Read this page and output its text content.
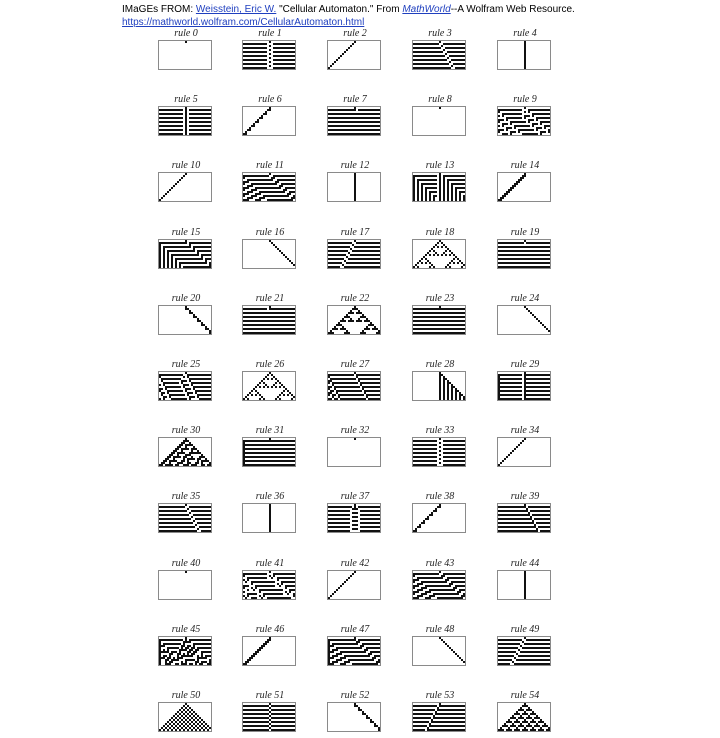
IMaGEs FROM: Weisstein, Eric W. "Cellular Automaton." From MathWorld--A Wolfram Web Resource.
https://mathworld.wolfram.com/CellularAutomaton.html
rule 0	rule 1	rule 2	rule 3	rule 4
rule 5	rule 6	rule 7	rule 8	rule 9
rule 10	rule 11	rule 12	rule 13	rule 14
rule 15	rule 16	rule 17	rule 18	rule 19
rule 20	rule 21	rule 22	rule 23	rule 24
rule 25	rule 26	rule 27	rule 28	rule 29
rule 30	rule 31	rule 32	rule 33	rule 34
rule 35	rule 36	rule 37	rule 38	rule 39
rule 40	rule 41	rule 42	rule 43	rule 44
rule 45	rule 46	rule 47	rule 48	rule 49
rule 50	rule 51	rule 52	rule 53	rule 54
